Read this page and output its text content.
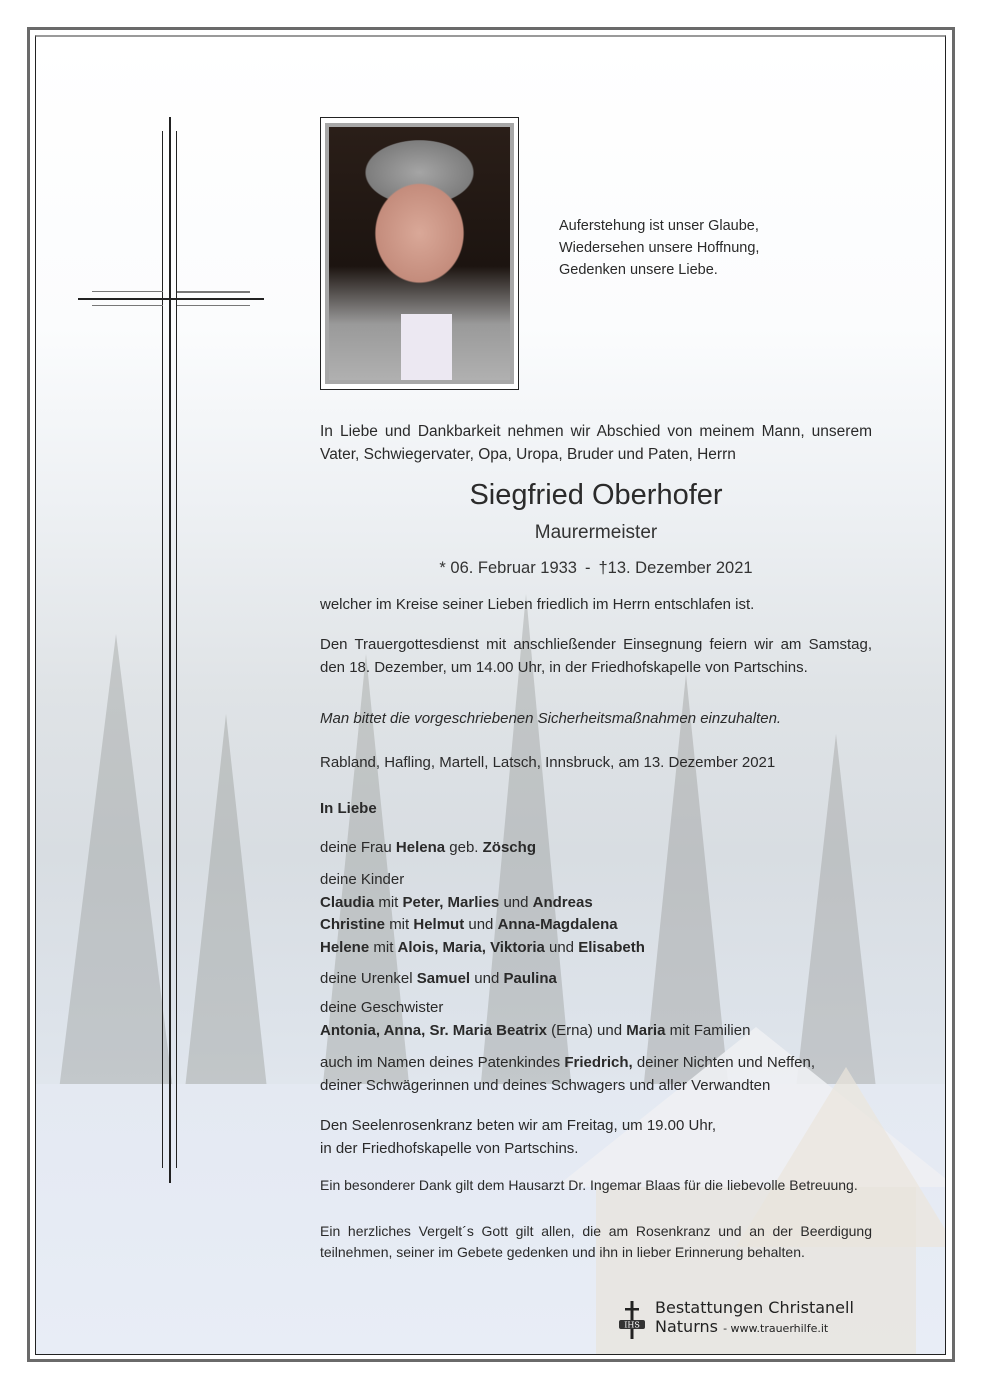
Auferstehung ist unser Glaube,
Wiedersehen unsere Hoffnung,
Gedenken unsere Liebe.
In Liebe und Dankbarkeit nehmen wir Abschied von meinem Mann, unserem Vater, Schwiegervater, Opa, Uropa, Bruder und Paten, Herrn
Siegfried Oberhofer
Maurermeister
* 06. Februar 1933 - †13. Dezember 2021
welcher im Kreise seiner Lieben friedlich im Herrn entschlafen ist.
Den Trauergottesdienst mit anschließender Einsegnung feiern wir am Samstag, den 18. Dezember, um 14.00 Uhr, in der Friedhofskapelle von Partschins.
Man bittet die vorgeschriebenen Sicherheitsmaßnahmen einzuhalten.
Rabland, Hafling, Martell, Latsch, Innsbruck, am 13. Dezember 2021
In Liebe
deine Frau Helena geb. Zöschg
deine Kinder
Claudia mit Peter, Marlies und Andreas
Christine mit Helmut und Anna-Magdalena
Helene mit Alois, Maria, Viktoria und Elisabeth
deine Urenkel Samuel und Paulina
deine Geschwister
Antonia, Anna, Sr. Maria Beatrix (Erna) und Maria mit Familien
auch im Namen deines Patenkindes Friedrich, deiner Nichten und Neffen,
deiner Schwägerinnen und deines Schwagers und aller Verwandten
Den Seelenrosenkranz beten wir am Freitag, um 19.00 Uhr,
in der Friedhofskapelle von Partschins.
Ein besonderer Dank gilt dem Hausarzt Dr. Ingemar Blaas für die liebevolle Betreuung.
Ein herzliches Vergelt´s Gott gilt allen, die am Rosenkranz und an der Beerdigung teilnehmen, seiner im Gebete gedenken und ihn in lieber Erinnerung behalten.
IHS
Bestattungen Christanell
Naturns - www.trauerhilfe.it
